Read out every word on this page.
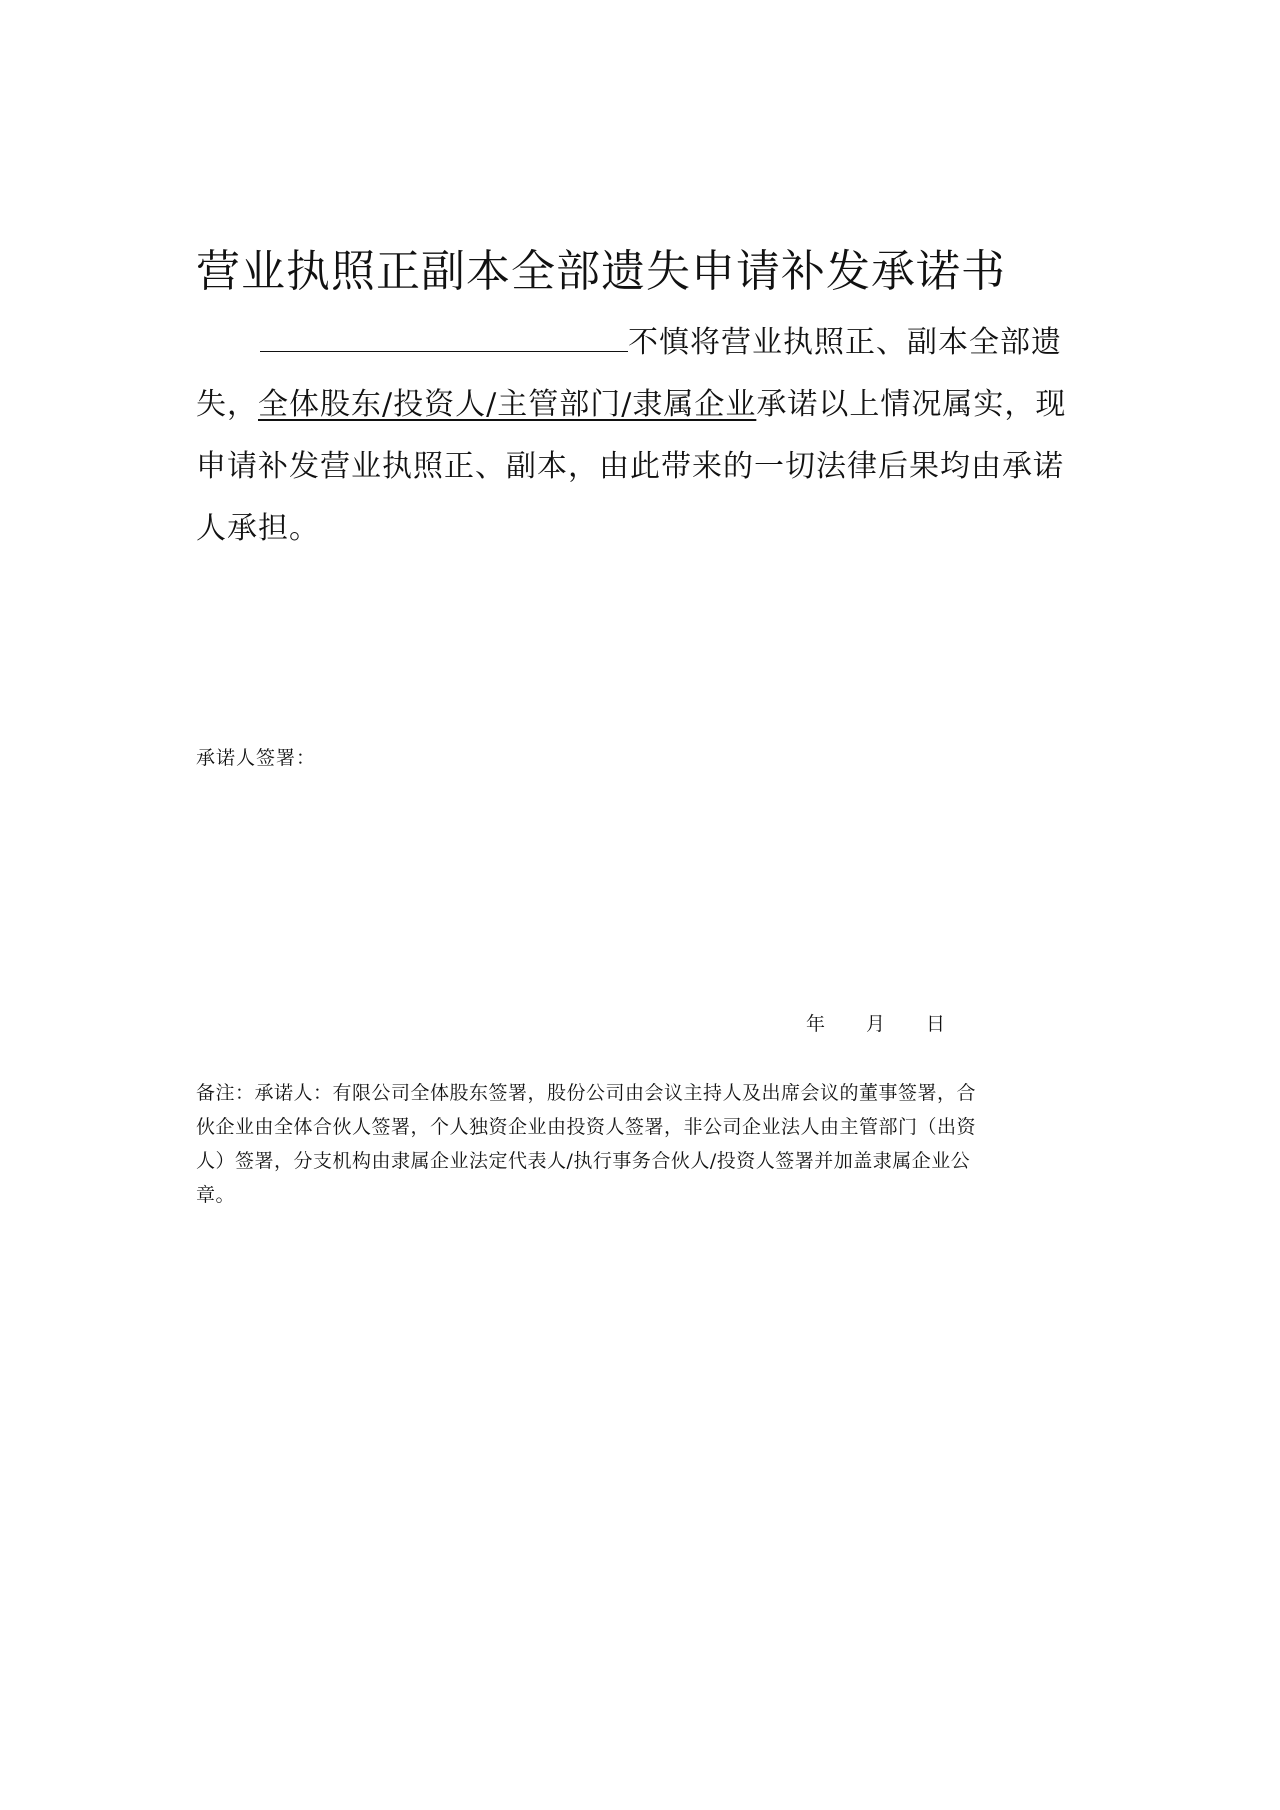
营业执照正副本全部遗失申请补发承诺书

不慎将营业执照正、副本全部遗
失，全体股东/投资人/主管部门/隶属企业承诺以上情况属实，现
申请补发营业执照正、副本，由此带来的一切法律后果均由承诺
人承担。

承诺人签署：
年	月	日

备注：承诺人：有限公司全体股东签署，股份公司由会议主持人及出席会议的董事签署，合
伙企业由全体合伙人签署，个人独资企业由投资人签署，非公司企业法人由主管部门（出资
人）签署，分支机构由隶属企业法定代表人/执行事务合伙人/投资人签署并加盖隶属企业公
章。
